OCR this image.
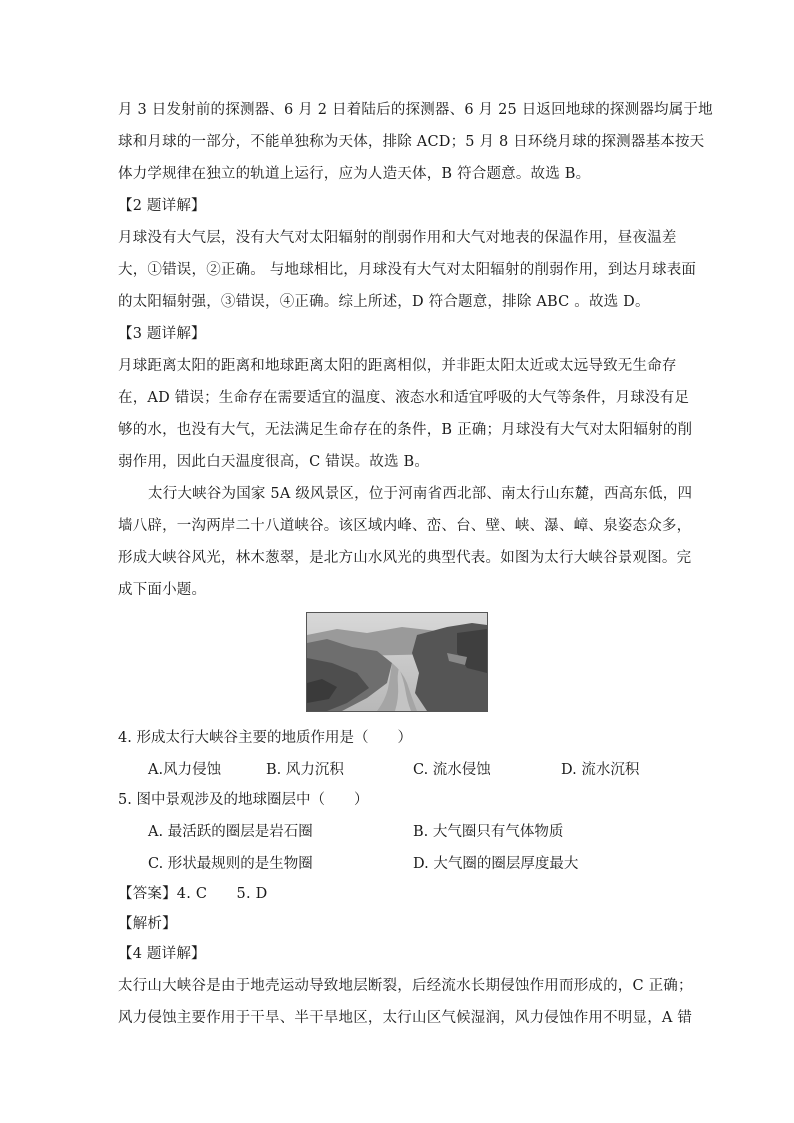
月 3 日发射前的探测器、6 月 2 日着陆后的探测器、6 月 25 日返回地球的探测器均属于地
球和月球的一部分，不能单独称为天体，排除 ACD；5 月 8 日环绕月球的探测器基本按天
体力学规律在独立的轨道上运行，应为人造天体，B 符合题意。故选 B。
【2 题详解】
月球没有大气层，没有大气对太阳辐射的削弱作用和大气对地表的保温作用，昼夜温差
大，①错误，②正确。 与地球相比，月球没有大气对太阳辐射的削弱作用，到达月球表面
的太阳辐射强，③错误，④正确。综上所述，D 符合题意，排除 ABC 。故选 D。
【3 题详解】
月球距离太阳的距离和地球距离太阳的距离相似，并非距太阳太近或太远导致无生命存
在，AD 错误；生命存在需要适宜的温度、液态水和适宜呼吸的大气等条件，月球没有足
够的水，也没有大气，无法满足生命存在的条件，B 正确；月球没有大气对太阳辐射的削
弱作用，因此白天温度很高，C 错误。故选 B。
太行大峡谷为国家 5A 级风景区，位于河南省西北部、南太行山东麓，西高东低，四
墙八辟，一沟两岸二十八道峡谷。该区域内峰、峦、台、壁、峡、瀑、嶂、泉姿态众多，
形成大峡谷风光，林木葱翠，是北方山水风光的典型代表。如图为太行大峡谷景观图。完
成下面小题。
4. 形成太行大峡谷主要的地质作用是（　　）
A.风力侵蚀	B. 风力沉积	C. 流水侵蚀	D. 流水沉积
5. 图中景观涉及的地球圈层中（　　）
A. 最活跃的圈层是岩石圈	B. 大气圈只有气体物质
C. 形状最规则的是生物圈	D. 大气圈的圈层厚度最大
【答案】4. C　　5. D
【解析】
【4 题详解】
太行山大峡谷是由于地壳运动导致地层断裂，后经流水长期侵蚀作用而形成的，C 正确；
风力侵蚀主要作用于干旱、半干旱地区，太行山区气候湿润，风力侵蚀作用不明显，A 错
